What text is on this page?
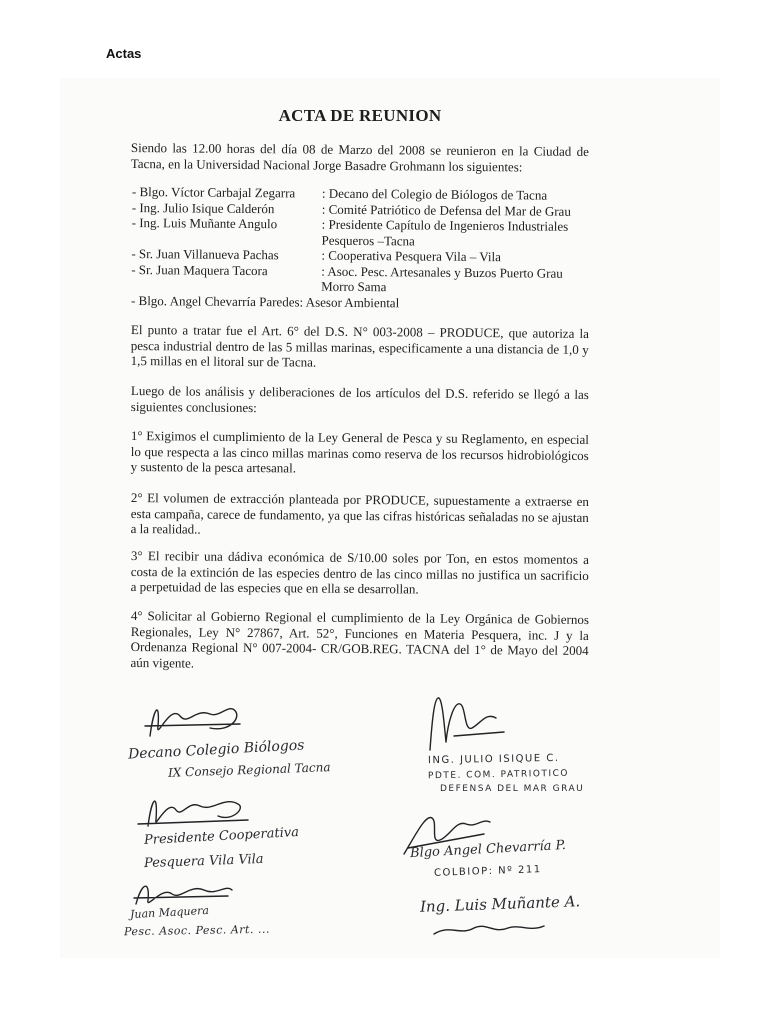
Actas
ACTA DE REUNION

Siendo las 12.00 horas del día 08 de Marzo del 2008 se reunieron en la Ciudad de Tacna, en la Universidad Nacional Jorge Basadre Grohmann los siguientes:

- Blgo. Víctor Carbajal Zegarra	: Decano del Colegio de Biólogos de Tacna
- Ing. Julio Isique Calderón	: Comité Patriótico de Defensa del Mar de Grau
- Ing. Luis Muñante Angulo	: Presidente Capítulo de Ingenieros Industriales Pesqueros –Tacna
- Sr. Juan Villanueva Pachas	: Cooperativa Pesquera Vila – Vila
- Sr. Juan Maquera Tacora	: Asoc. Pesc. Artesanales y Buzos Puerto Grau Morro Sama
- Blgo. Angel Chevarría Paredes: Asesor Ambiental

El punto a tratar fue el Art. 6° del D.S. N° 003-2008 – PRODUCE, que autoriza la pesca industrial dentro de las 5 millas marinas, especificamente a una distancia de 1,0 y 1,5 millas en el litoral sur de Tacna.

Luego de los análisis y deliberaciones de los artículos del D.S. referido se llegó a las siguientes conclusiones:

1° Exigimos el cumplimiento de la Ley General de Pesca y su Reglamento, en especial lo que respecta a las cinco millas marinas como reserva de los recursos hidrobiológicos y sustento de la pesca artesanal.

2° El volumen de extracción planteada por PRODUCE, supuestamente a extraerse en esta campaña, carece de fundamento, ya que las cifras históricas señaladas no se ajustan a la realidad..

3° El recibir una dádiva económica de S/10.00 soles por Ton, en estos momentos a costa de la extinción de las especies dentro de las cinco millas no justifica un sacrificio a perpetuidad de las especies que en ella se desarrollan.

4° Solicitar al Gobierno Regional el cumplimiento de la Ley Orgánica de Gobiernos Regionales, Ley N° 27867, Art. 52°, Funciones en Materia Pesquera, inc. J y la Ordenanza Regional N° 007-2004- CR/GOB.REG. TACNA del 1° de Mayo del 2004 aún vigente.

Decano Colegio Biólogos
IX Consejo Regional Tacna
Presidente Cooperativa
Pesquera Vila Vila
Juan Maquera
Pesc. Asoc. Pesc. Art. ...
ING. JULIO ISIQUE C.
PDTE. COM. PATRIOTICO
DEFENSA DEL MAR GRAU
Blgo Angel Chevarría P.
COLBIOP: Nº 211
Ing. Luis Muñante A.
